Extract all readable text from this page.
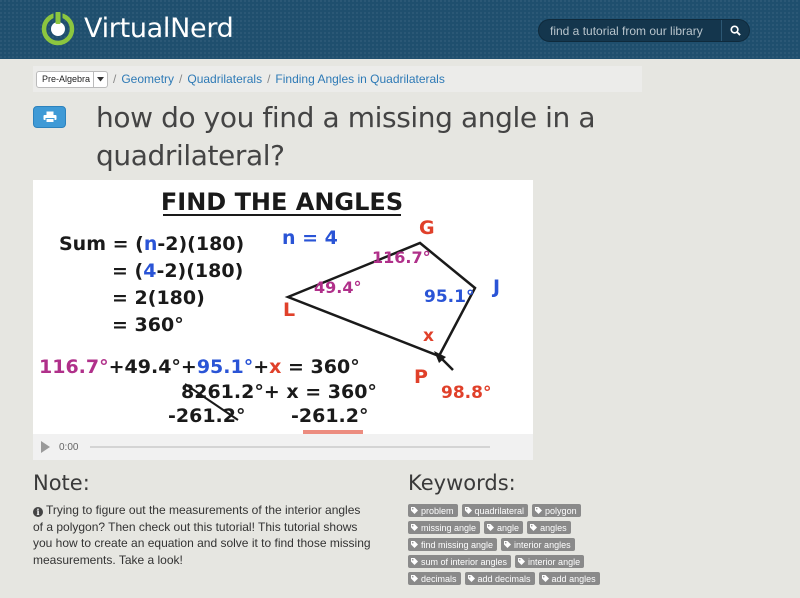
VirtualNerd
find a tutorial from our library
Pre-Algebra / Geometry / Quadrilaterals / Finding Angles in Quadrilaterals
how do you find a missing angle in a quadrilateral?
FIND THE ANGLES
Sum = (n-2)(180)
= (4-2)(180)
= 2(180)
= 360°
n = 4	G
J
L
P
116.7°
49.4°	95.1°
x
98.8°
116.7°+49.4°+95.1°+x = 360°
8261.2°+ x = 360°
-261.2° -261.2°
0:00
Note:

i Trying to figure out the measurements of the interior angles of a polygon? Then check out this tutorial! This tutorial shows you how to create an equation and solve it to find those missing measurements. Take a look!

Keywords:
problem quadrilateral polygon
missing angle angle angles
find missing angle interior angles
sum of interior angles interior angle
decimals add decimals add angles
